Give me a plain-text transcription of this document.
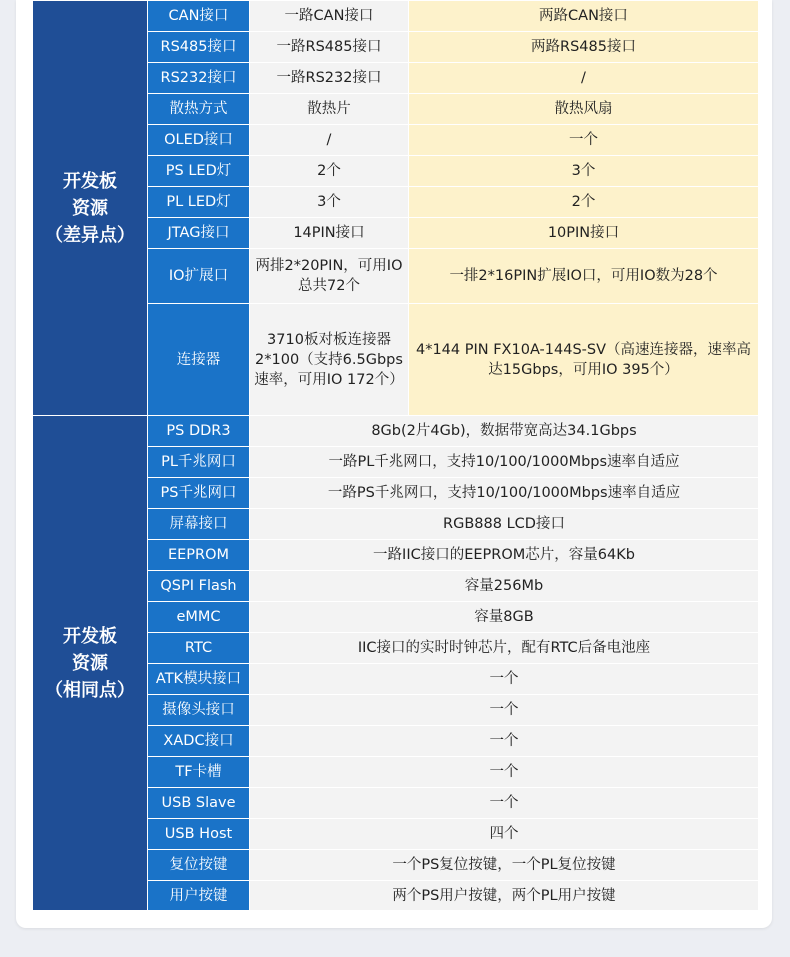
开发板
资源
（差异点）	CAN接口	一路CAN接口	两路CAN接口
	RS485接口	一路RS485接口	两路RS485接口
	RS232接口	一路RS232接口	/
	散热方式	散热片	散热风扇
	OLED接口	/	一个
	PS LED灯	2个	3个
	PL LED灯	3个	2个
	JTAG接口	14PIN接口	10PIN接口
	IO扩展口	两排2*20PIN，可用IO总共72个	一排2*16PIN扩展IO口，可用IO数为28个
	连接器	3710板对板连接器2*100（支持6.5Gbps速率，可用IO 172个）	4*144 PIN FX10A-144S-SV（高速连接器，速率高达15Gbps，可用IO 395个）

开发板
资源
（相同点）	PS DDR3	8Gb(2片4Gb)，数据带宽高达34.1Gbps	
	PL千兆网口	一路PL千兆网口，支持10/100/1000Mbps速率自适应	
	PS千兆网口	一路PS千兆网口，支持10/100/1000Mbps速率自适应	
	屏幕接口	RGB888 LCD接口	
	EEPROM	一路IIC接口的EEPROM芯片，容量64Kb	
	QSPI Flash	容量256Mb	
	eMMC	容量8GB	
	RTC	IIC接口的实时时钟芯片，配有RTC后备电池座	
	ATK模块接口	一个	
	摄像头接口	一个	
	XADC接口	一个	
	TF卡槽	一个	
	USB Slave	一个	
	USB Host	四个	
	复位按键	一个PS复位按键，一个PL复位按键	
	用户按键	两个PS用户按键，两个PL用户按键	
